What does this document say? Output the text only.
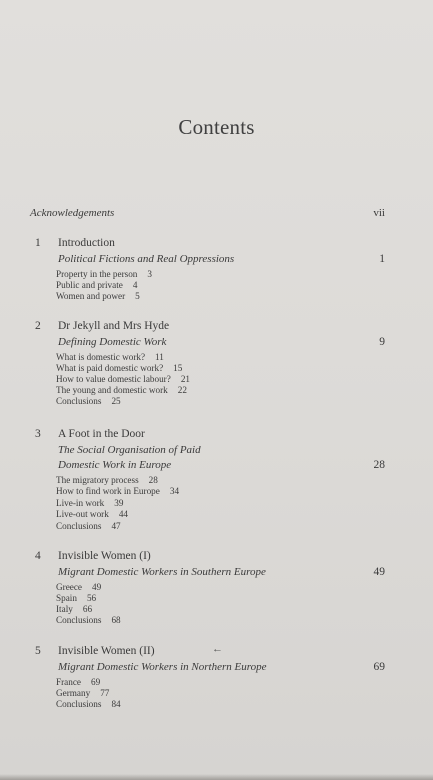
Contents
Acknowledgements	vii
1 Introduction
Political Fictions and Real Oppressions	1
Property in the person 3
Public and private 4
Women and power 5
2 Dr Jekyll and Mrs Hyde
Defining Domestic Work	9
What is domestic work? 11
What is paid domestic work? 15
How to value domestic labour? 21
The young and domestic work 22
Conclusions 25
3 A Foot in the Door
The Social Organisation of Paid
Domestic Work in Europe	28
The migratory process 28
How to find work in Europe 34
Live-in work 39
Live-out work 44
Conclusions 47
4 Invisible Women (I)
Migrant Domestic Workers in Southern Europe	49
Greece 49
Spain 56
Italy 66
Conclusions 68
5 Invisible Women (II)	←
Migrant Domestic Workers in Northern Europe	69
France 69
Germany 77
Conclusions 84
